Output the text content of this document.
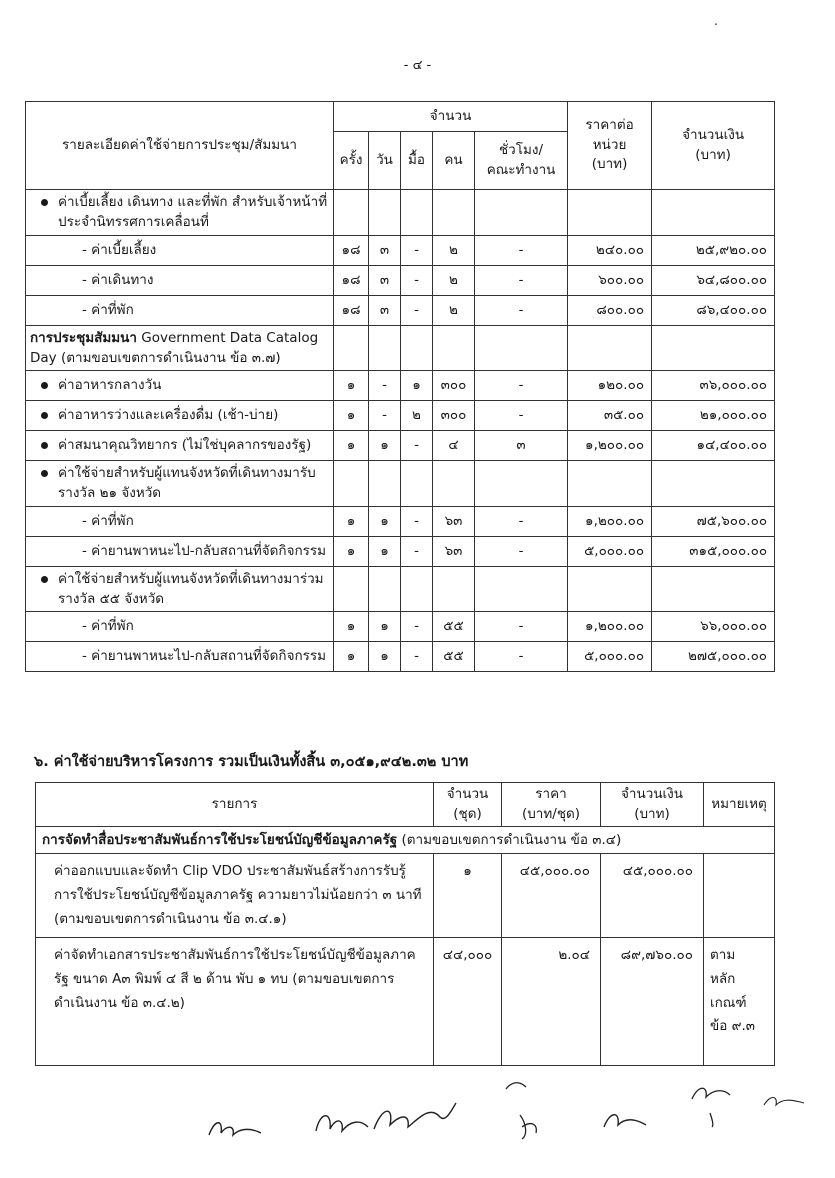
.
- ๔ -
รายละเอียดค่าใช้จ่ายการประชุม/สัมมนา	จำนวน					ราคาต่อ
หน่วย
(บาท)	จำนวนเงิน
(บาท)
	ครั้ง	วัน	มื้อ	คน	ชั่วโมง/
คณะทำงาน		

ค่าเบี้ยเลี้ยง เดินทาง และที่พัก สำหรับเจ้าหน้าที่ประจำนิทรรศการเคลื่อนที่							

- ค่าเบี้ยเลี้ยง	๑๘	๓	-	๒	-	๒๔๐.๐๐	๒๕,๙๒๐.๐๐
- ค่าเดินทาง	๑๘	๓	-	๒	-	๖๐๐.๐๐	๖๔,๘๐๐.๐๐
- ค่าที่พัก	๑๘	๓	-	๒	-	๘๐๐.๐๐	๘๖,๔๐๐.๐๐
การประชุมสัมมนา Government Data Catalog Day (ตามขอบเขตการดำเนินงาน ข้อ ๓.๗)							

ค่าอาหารกลางวัน	๑	-	๑	๓๐๐	-	๑๒๐.๐๐	๓๖,๐๐๐.๐๐

ค่าอาหารว่างและเครื่องดื่ม (เช้า-บ่าย)	๑	-	๒	๓๐๐	-	๓๕.๐๐	๒๑,๐๐๐.๐๐

ค่าสมนาคุณวิทยากร (ไม่ใช่บุคลากรของรัฐ)	๑	๑	-	๔	๓	๑,๒๐๐.๐๐	๑๔,๔๐๐.๐๐

ค่าใช้จ่ายสำหรับผู้แทนจังหวัดที่เดินทางมารับรางวัล ๒๑ จังหวัด							

- ค่าที่พัก	๑	๑	-	๖๓	-	๑,๒๐๐.๐๐	๗๕,๖๐๐.๐๐
- ค่ายานพาหนะไป-กลับสถานที่จัดกิจกรรม	๑	๑	-	๖๓	-	๕,๐๐๐.๐๐	๓๑๕,๐๐๐.๐๐

ค่าใช้จ่ายสำหรับผู้แทนจังหวัดที่เดินทางมาร่วมรางวัล ๕๕ จังหวัด							

- ค่าที่พัก	๑	๑	-	๕๕	-	๑,๒๐๐.๐๐	๖๖,๐๐๐.๐๐
- ค่ายานพาหนะไป-กลับสถานที่จัดกิจกรรม	๑	๑	-	๕๕	-	๕,๐๐๐.๐๐	๒๗๕,๐๐๐.๐๐
๖. ค่าใช้จ่ายบริหารโครงการ รวมเป็นเงินทั้งสิ้น ๓,๐๕๑,๙๔๒.๓๒ บาท
รายการ	จำนวน
(ชุด)	ราคา
(บาท/ชุด)	จำนวนเงิน
(บาท)	หมายเหตุ
การจัดทำสื่อประชาสัมพันธ์การใช้ประโยชน์บัญชีข้อมูลภาครัฐ (ตามขอบเขตการดำเนินงาน ข้อ ๓.๔)				
ค่าออกแบบและจัดทำ Clip VDO ประชาสัมพันธ์สร้างการรับรู้การใช้ประโยชน์บัญชีข้อมูลภาครัฐ ความยาวไม่น้อยกว่า ๓ นาที (ตามขอบเขตการดำเนินงาน ข้อ ๓.๔.๑)	๑	๔๕,๐๐๐.๐๐	๔๕,๐๐๐.๐๐	
ค่าจัดทำเอกสารประชาสัมพันธ์การใช้ประโยชน์บัญชีข้อมูลภาครัฐ ขนาด A๓ พิมพ์ ๔ สี ๒ ด้าน พับ ๑ ทบ (ตามขอบเขตการดำเนินงาน ข้อ ๓.๔.๒)	๔๔,๐๐๐	๒.๐๔	๘๙,๗๖๐.๐๐	ตาม
หลักเกณฑ์
ข้อ ๙.๓
